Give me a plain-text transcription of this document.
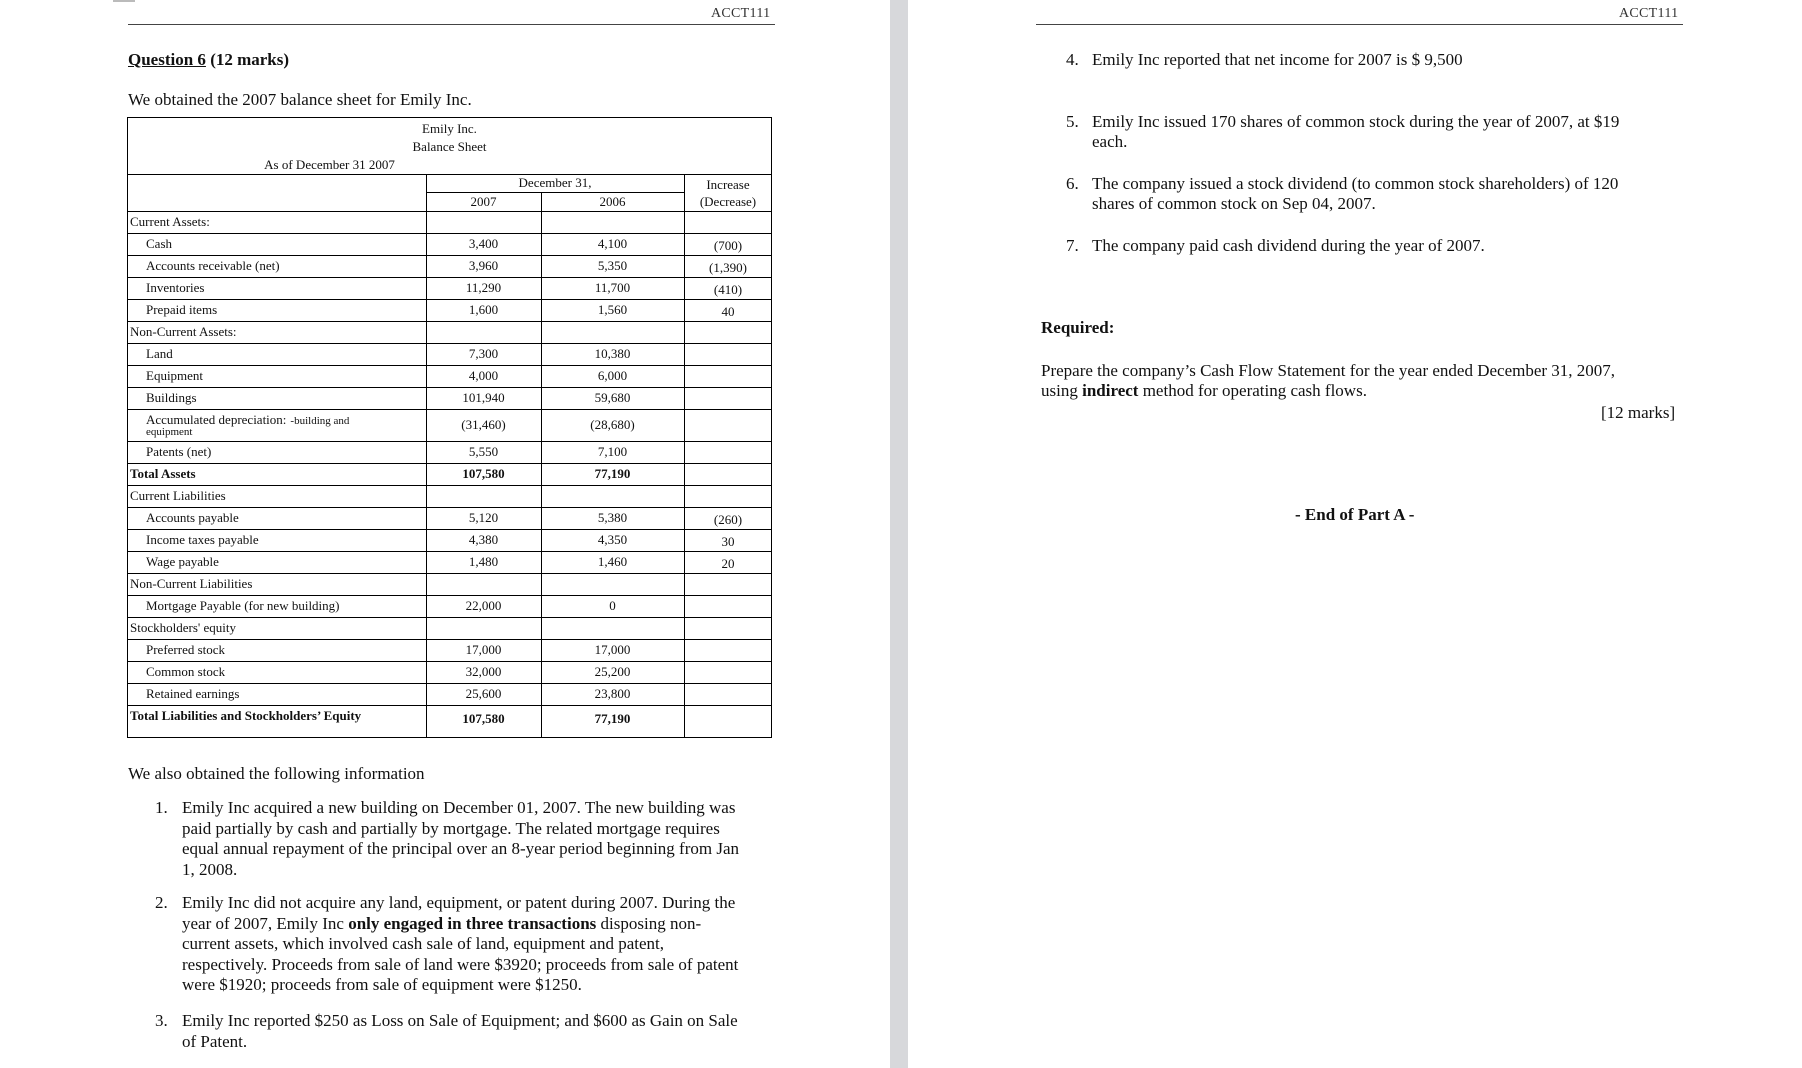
ACCT111
Question 6 (12 marks)
We obtained the 2007 balance sheet for Emily Inc.
Emily Inc.
Balance Sheet
As of December 31 2007
December 31,
2007	2006
Increase
(Decrease)
Current Assets:
Cash	3,400	4,100	(700)
Accounts receivable (net)	3,960	5,350	(1,390)
Inventories	11,290	11,700	(410)
Prepaid items	1,600	1,560	40
Non-Current Assets:
Land	7,300	10,380
Equipment	4,000	6,000
Buildings	101,940	59,680
Accumulated depreciation: -building and
equipment	(31,460)	(28,680)
Patents (net)	5,550	7,100
Total Assets	107,580	77,190
Current Liabilities
Accounts payable	5,120	5,380	(260)
Income taxes payable	4,380	4,350	30
Wage payable	1,480	1,460	20
Non-Current Liabilities
Mortgage Payable (for new building)	22,000	0
Stockholders' equity
Preferred stock	17,000	17,000
Common stock	32,000	25,200
Retained earnings	25,600	23,800
Total Liabilities and Stockholders’ Equity	107,580	77,190
We also obtained the following information
1. Emily Inc acquired a new building on December 01, 2007. The new building was
paid partially by cash and partially by mortgage. The related mortgage requires
equal annual repayment of the principal over an 8-year period beginning from Jan
1, 2008.
2. Emily Inc did not acquire any land, equipment, or patent during 2007. During the
year of 2007, Emily Inc only engaged in three transactions disposing non-
current assets, which involved cash sale of land, equipment and patent,
respectively. Proceeds from sale of land were $3920; proceeds from sale of patent
were $1920; proceeds from sale of equipment were $1250.
3. Emily Inc reported $250 as Loss on Sale of Equipment; and $600 as Gain on Sale
of Patent.
ACCT111
4. Emily Inc reported that net income for 2007 is $ 9,500
5. Emily Inc issued 170 shares of common stock during the year of 2007, at $19
each.
6. The company issued a stock dividend (to common stock shareholders) of 120
shares of common stock on Sep 04, 2007.
7. The company paid cash dividend during the year of 2007.
Required:
Prepare the company’s Cash Flow Statement for the year ended December 31, 2007,
using indirect method for operating cash flows.
[12 marks]
- End of Part A -
